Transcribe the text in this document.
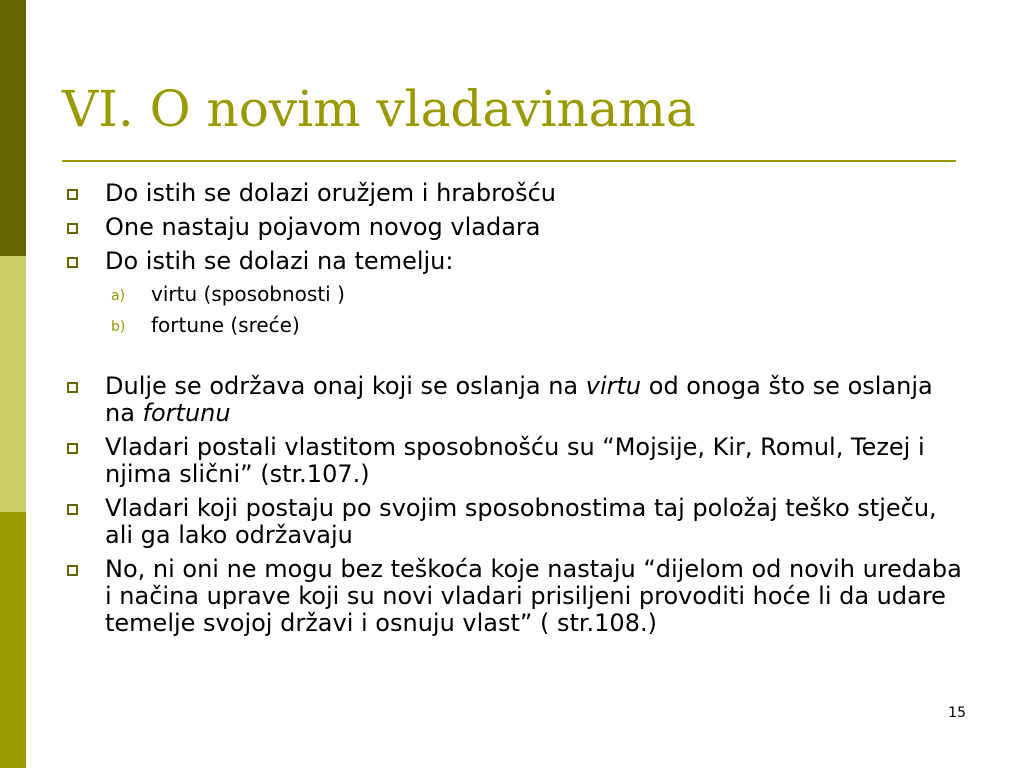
VI. O novim vladavinama
Do istih se dolazi oružjem i hrabrošću
One nastaju pojavom novog vladara
Do istih se dolazi na temelju:
a) virtu (sposobnosti )
b) fortune (sreće)
Dulje se održava onaj koji se oslanja na virtu od onoga što se oslanja na fortunu
Vladari postali vlastitom sposobnošću su “Mojsije, Kir, Romul, Tezej i njima slični” (str.107.)
Vladari koji postaju po svojim sposobnostima taj položaj teško stječu, ali ga lako održavaju
No, ni oni ne mogu bez teškoća koje nastaju “dijelom od novih uredaba i načina uprave koji su novi vladari prisiljeni provoditi hoće li da udare temelje svojoj državi i osnuju vlast” ( str.108.)
15
